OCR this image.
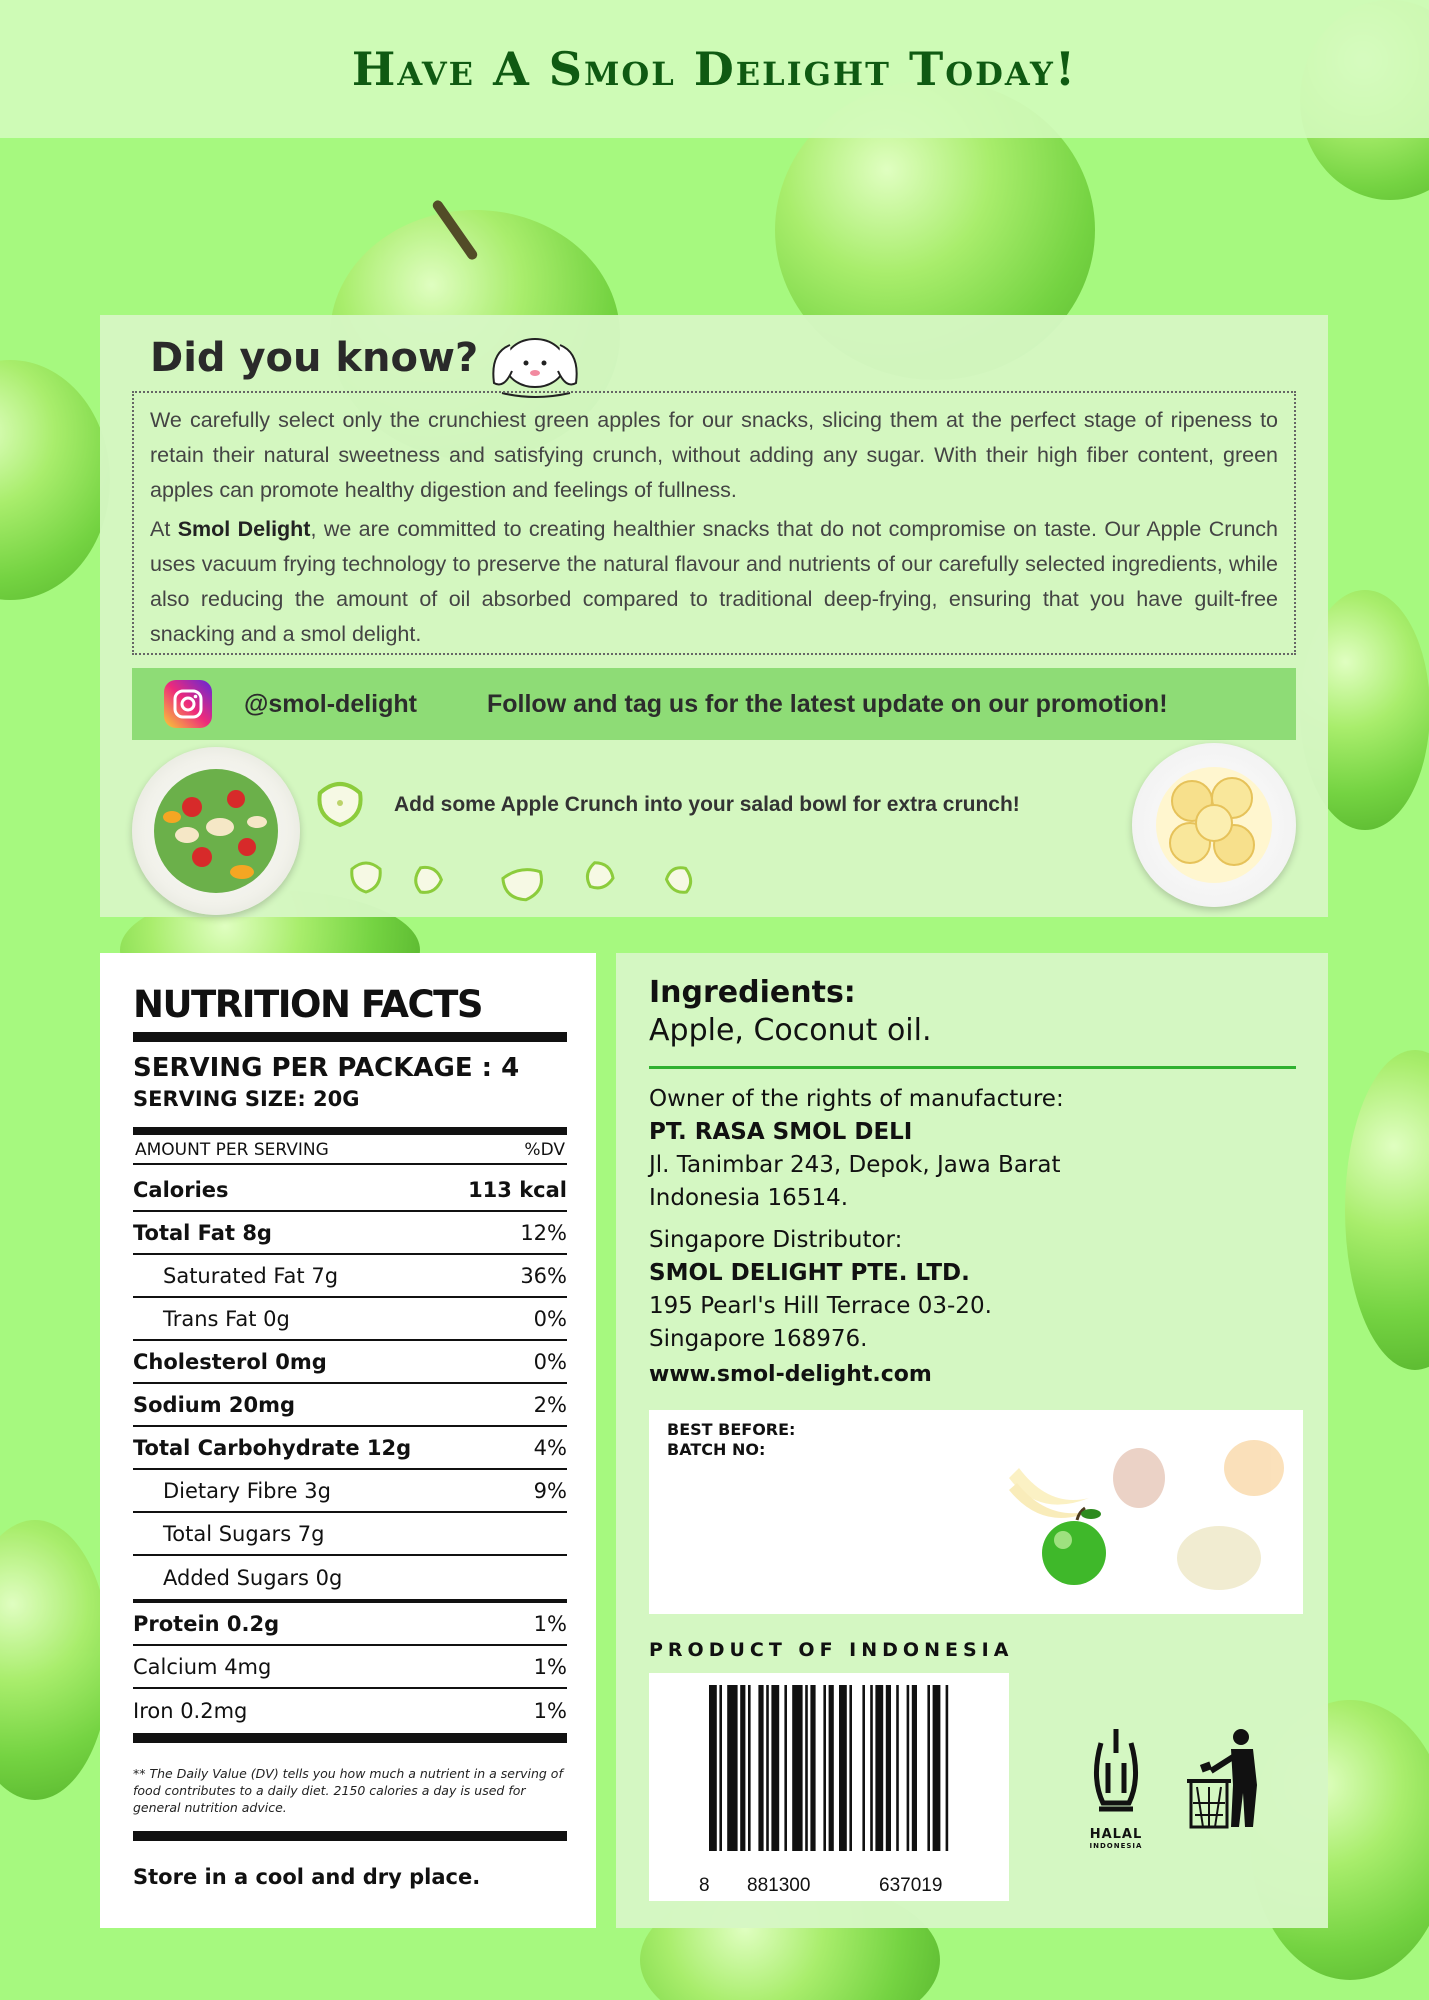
Have A Smol Delight Today!
Did you know?

We carefully select only the crunchiest green apples for our snacks, slicing them at the perfect stage of ripeness to retain their natural sweetness and satisfying crunch, without adding any sugar. With their high fiber content, green apples can promote healthy digestion and feelings of fullness.

At Smol Delight, we are committed to creating healthier snacks that do not compromise on taste. Our Apple Crunch uses vacuum frying technology to preserve the natural flavour and nutrients of our carefully selected ingredients, while also reducing the amount of oil absorbed compared to traditional deep-frying, ensuring that you have guilt-free snacking and a smol delight.

@smol-delight	Follow and tag us for the latest update on our promotion!
Add some Apple Crunch into your salad bowl for extra crunch!
NUTRITION FACTS
SERVING PER PACKAGE : 4
SERVING SIZE: 20G
AMOUNT PER SERVING	%DV
Calories	113 kcal
Total Fat 8g	12%
Saturated Fat 7g	36%
Trans Fat 0g	0%
Cholesterol 0mg	0%
Sodium 20mg	2%
Total Carbohydrate 12g	4%
Dietary Fibre 3g	9%
Total Sugars 7g
Added Sugars 0g
Protein 0.2g	1%
Calcium 4mg	1%
Iron 0.2mg	1%
** The Daily Value (DV) tells you how much a nutrient in a serving of food contributes to a daily diet. 2150 calories a day is used for general nutrition advice.
Store in a cool and dry place.
Ingredients:
Apple, Coconut oil.
Owner of the rights of manufacture:
PT. RASA SMOL DELI
Jl. Tanimbar 243, Depok, Jawa Barat
Indonesia 16514.
Singapore Distributor:
SMOL DELIGHT PTE. LTD.
195 Pearl's Hill Terrace 03-20.
Singapore 168976.
www.smol-delight.com
BEST BEFORE:
BATCH NO:
PRODUCT OF INDONESIA
8 881300	637019
HALAL
INDONESIA
